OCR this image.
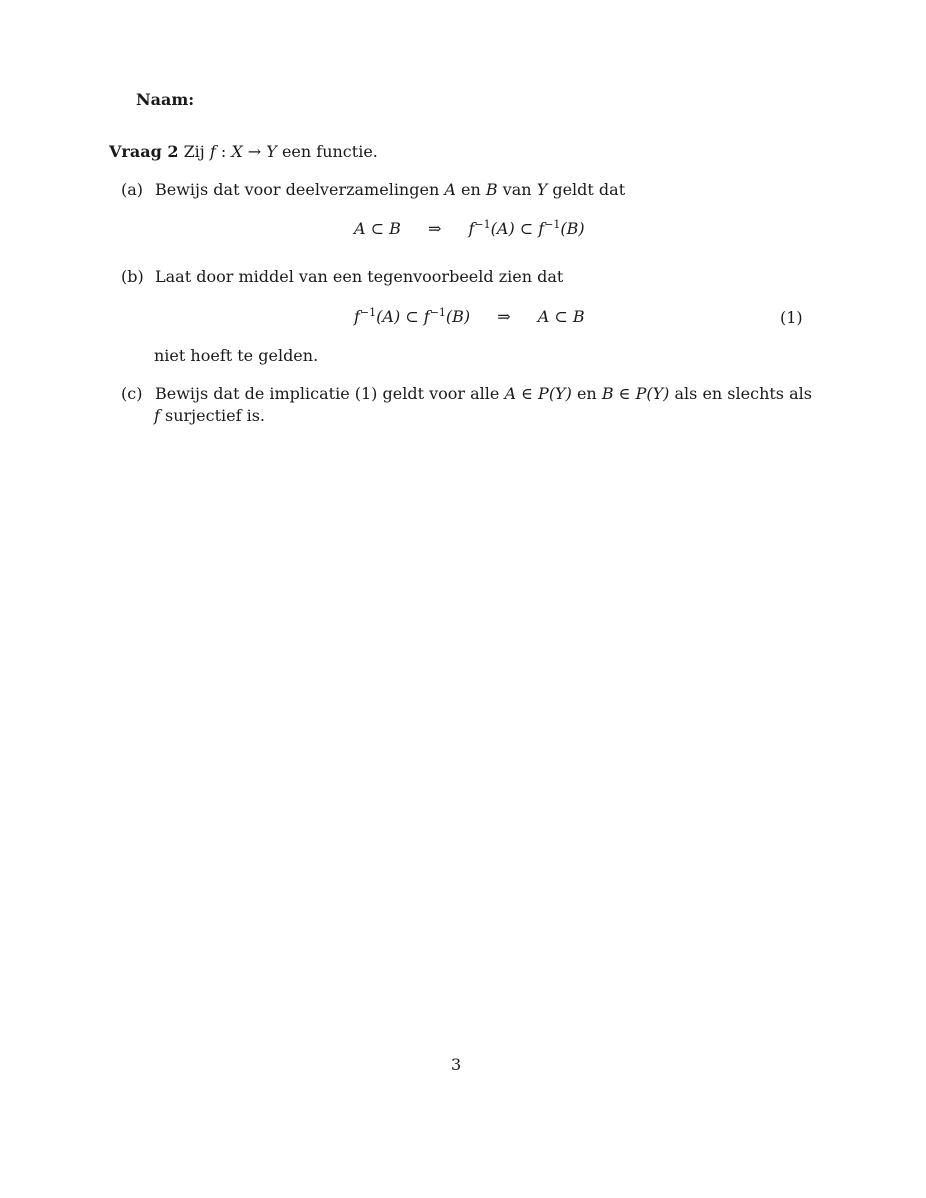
Naam:
Vraag 2 Zij f : X → Y een functie.
(a) Bewijs dat voor deelverzamelingen A en B van Y geldt dat
A ⊂ B ⇒ $f^{-1}(A)$ ⊂ $f^{-1}(B)$
(b) Laat door middel van een tegenvoorbeeld zien dat
$f^{-1}(A)$ ⊂ $f^{-1}(B)$ ⇒ A ⊂ B	(1)
niet hoeft te gelden.
(c) Bewijs dat de implicatie (1) geldt voor alle A ∈ P(Y) en B ∈ P(Y) als en slechts als
f surjectief is.
3
